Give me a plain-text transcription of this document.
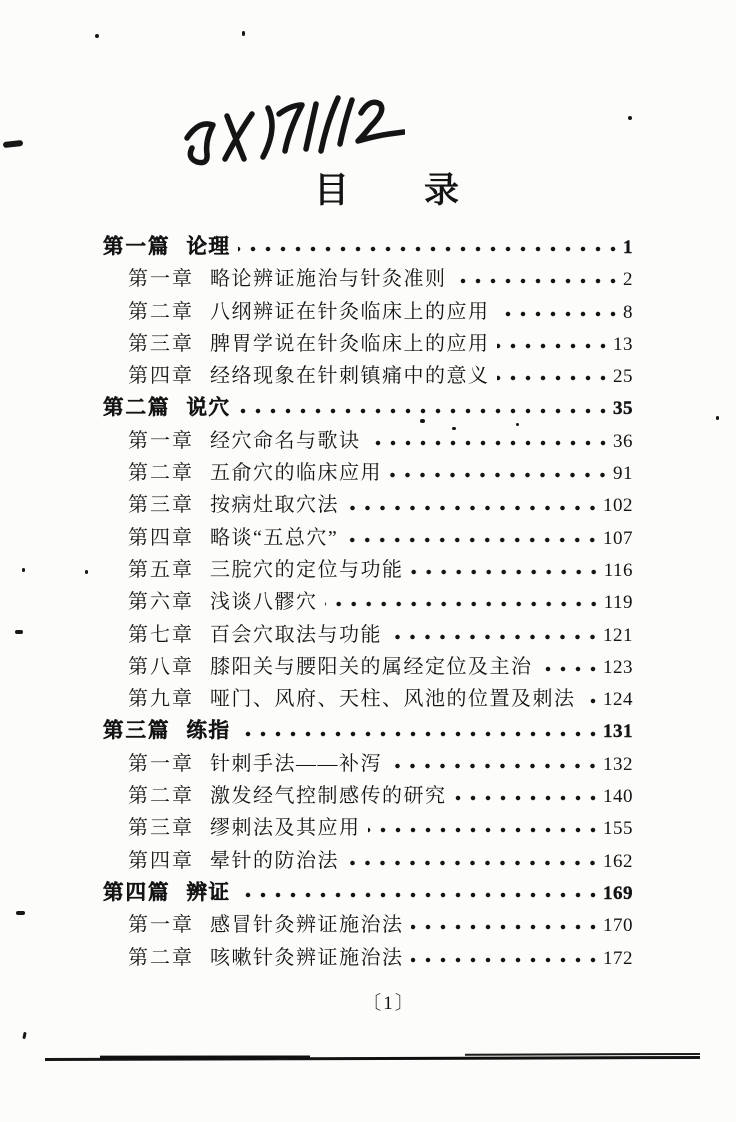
目 录
第一篇 论理	1
第一章 略论辨证施治与针灸准则	2
第二章 八纲辨证在针灸临床上的应用	8
第三章 脾胃学说在针灸临床上的应用	13
第四章 经络现象在针刺镇痛中的意义	25
第二篇 说穴	35
第一章 经穴命名与歌诀	36
第二章 五俞穴的临床应用	91
第三章 按病灶取穴法	102
第四章 略谈“五总穴”	107
第五章 三脘穴的定位与功能	116
第六章 浅谈八髎穴	119
第七章 百会穴取法与功能	121
第八章 膝阳关与腰阳关的属经定位及主治	123
第九章 哑门、风府、天柱、风池的位置及刺法 124
第三篇 练指	131
第一章 针刺手法——补泻	132
第二章 激发经气控制感传的研究	140
第三章 缪刺法及其应用	155
第四章 晕针的防治法	162
第四篇 辨证	169
第一章 感冒针灸辨证施治法	170
第二章 咳嗽针灸辨证施治法	172
〔1〕
